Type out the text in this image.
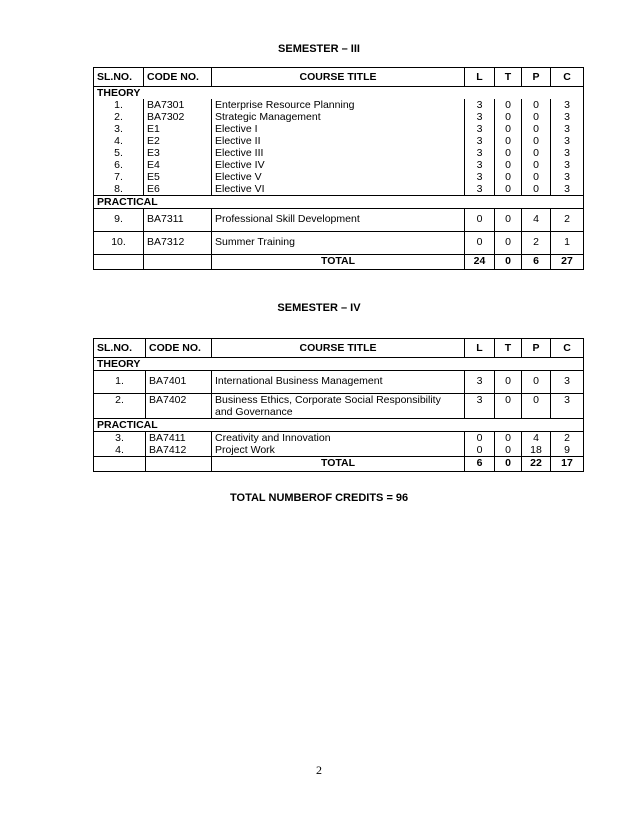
SEMESTER – III
SL.NO.	CODE NO.	COURSE TITLE	L	T	P	C
THEORY						
1.	BA7301	Enterprise Resource Planning	3	0	0	3
2.	BA7302	Strategic Management	3	0	0	3
3.	E1	Elective I	3	0	0	3
4.	E2	Elective II	3	0	0	3
5.	E3	Elective III	3	0	0	3
6.	E4	Elective IV	3	0	0	3
7.	E5	Elective V	3	0	0	3
8.	E6	Elective VI	3	0	0	3
PRACTICAL						
9.	BA7311	Professional Skill Development	0	0	4	2
10.	BA7312	Summer Training	0	0	2	1
		TOTAL	24	0	6	27
SEMESTER – IV
SL.NO.	CODE NO.	COURSE TITLE	L	T	P	C
THEORY						
1.	BA7401	International Business Management	3	0	0	3
2.	BA7402	Business Ethics, Corporate Social Responsibility and Governance	3	0	0	3
PRACTICAL						
3.	BA7411	Creativity and Innovation	0	0	4	2
4.	BA7412	Project Work	0	0	18	9
		TOTAL	6	0	22	17
TOTAL NUMBEROF CREDITS = 96
2
